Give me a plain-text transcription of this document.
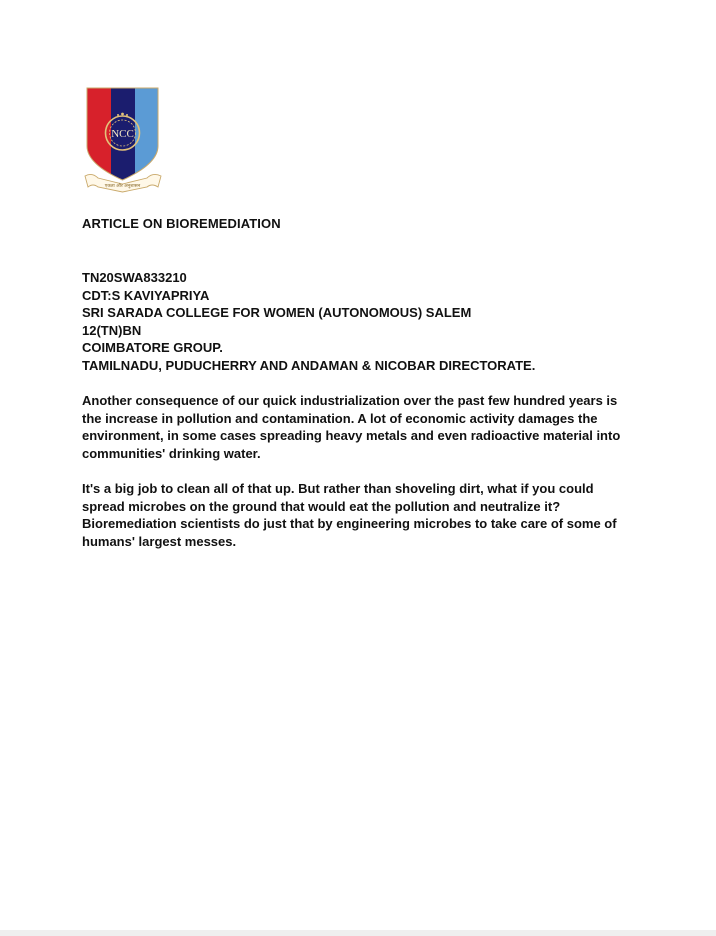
NCC
एकता और अनुशासन
ARTICLE ON BIOREMEDIATION
TN20SWA833210
CDT:S KAVIYAPRIYA
SRI SARADA COLLEGE FOR WOMEN (AUTONOMOUS) SALEM
12(TN)BN
COIMBATORE GROUP.
TAMILNADU, PUDUCHERRY AND ANDAMAN & NICOBAR DIRECTORATE.

Another consequence of our quick industrialization over the past few hundred years is the increase in pollution and contamination. A lot of economic activity damages the environment, in some cases spreading heavy metals and even radioactive material into communities' drinking water.

It's a big job to clean all of that up. But rather than shoveling dirt, what if you could spread microbes on the ground that would eat the pollution and neutralize it? Bioremediation scientists do just that by engineering microbes to take care of some of humans' largest messes.
